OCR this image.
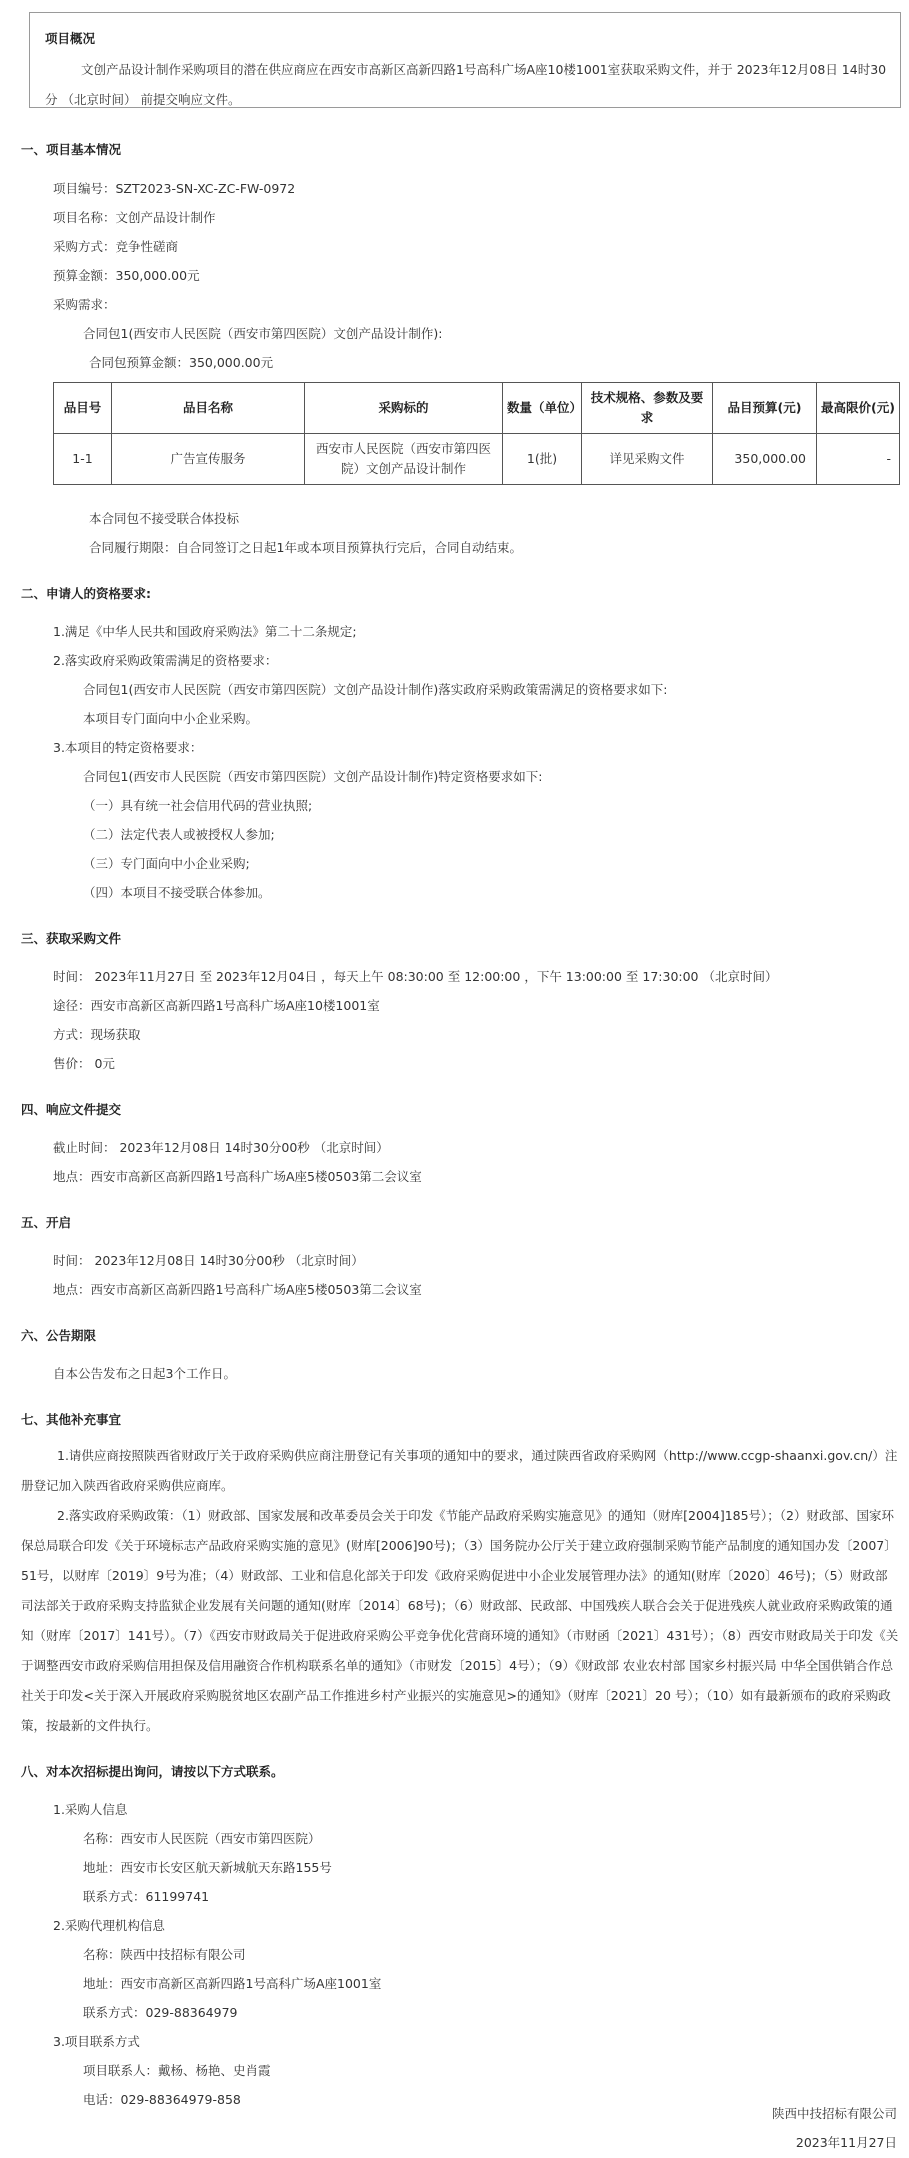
项目概况

文创产品设计制作采购项目的潜在供应商应在西安市高新区高新四路1号高科广场A座10楼1001室获取采购文件，并于 2023年12月08日 14时30分 （北京时间） 前提交响应文件。

一、项目基本情况
项目编号：SZT2023-SN-XC-ZC-FW-0972
项目名称：文创产品设计制作
采购方式：竞争性磋商
预算金额：350,000.00元
采购需求：
合同包1(西安市人民医院（西安市第四医院）文创产品设计制作):
合同包预算金额：350,000.00元
品目号	品目名称	采购标的	数量（单位）	技术规格、参数及要求	品目预算(元)	最高限价(元)
1-1	广告宣传服务	西安市人民医院（西安市第四医院）文创产品设计制作	1(批)	详见采购文件	350,000.00	-
本合同包不接受联合体投标
合同履行期限：自合同签订之日起1年或本项目预算执行完后，合同自动结束。
二、申请人的资格要求:
1.满足《中华人民共和国政府采购法》第二十二条规定;
2.落实政府采购政策需满足的资格要求：
合同包1(西安市人民医院（西安市第四医院）文创产品设计制作)落实政府采购政策需满足的资格要求如下:
本项目专门面向中小企业采购。
3.本项目的特定资格要求：
合同包1(西安市人民医院（西安市第四医院）文创产品设计制作)特定资格要求如下:
（一）具有统一社会信用代码的营业执照;
（二）法定代表人或被授权人参加;
（三）专门面向中小企业采购;
（四）本项目不接受联合体参加。
三、获取采购文件
时间： 2023年11月27日 至 2023年12月04日 ，每天上午 08:30:00 至 12:00:00 ，下午 13:00:00 至 17:30:00 （北京时间）
途径：西安市高新区高新四路1号高科广场A座10楼1001室
方式：现场获取
售价： 0元
四、响应文件提交
截止时间： 2023年12月08日 14时30分00秒 （北京时间）
地点：西安市高新区高新四路1号高科广场A座5楼0503第二会议室
五、开启
时间： 2023年12月08日 14时30分00秒 （北京时间）
地点：西安市高新区高新四路1号高科广场A座5楼0503第二会议室
六、公告期限
自本公告发布之日起3个工作日。
七、其他补充事宜

1.请供应商按照陕西省财政厅关于政府采购供应商注册登记有关事项的通知中的要求，通过陕西省政府采购网（http://www.ccgp-shaanxi.gov.cn/）注册登记加入陕西省政府采购供应商库。

2.落实政府采购政策：（1）财政部、国家发展和改革委员会关于印发《节能产品政府采购实施意见》的通知（财库[2004]185号）；（2）财政部、国家环保总局联合印发《关于环境标志产品政府采购实施的意见》(财库[2006]90号)；（3）国务院办公厅关于建立政府强制采购节能产品制度的通知国办发〔2007〕51号，以财库〔2019〕9号为准；（4）财政部、工业和信息化部关于印发《政府采购促进中小企业发展管理办法》的通知(财库〔2020〕46号)；（5）财政部 司法部关于政府采购支持监狱企业发展有关问题的通知(财库〔2014〕68号)；（6）财政部、民政部、中国残疾人联合会关于促进残疾人就业政府采购政策的通知（财库〔2017〕141号）。（7）《西安市财政局关于促进政府采购公平竞争优化营商环境的通知》（市财函〔2021〕431号）；（8）西安市财政局关于印发《关于调整西安市政府采购信用担保及信用融资合作机构联系名单的通知》（市财发〔2015〕4号）；（9）《财政部 农业农村部 国家乡村振兴局 中华全国供销合作总社关于印发<关于深入开展政府采购脱贫地区农副产品工作推进乡村产业振兴的实施意见>的通知》（财库〔2021〕20 号）；（10）如有最新颁布的政府采购政策，按最新的文件执行。

八、对本次招标提出询问，请按以下方式联系。
1.采购人信息
名称：西安市人民医院（西安市第四医院）
地址：西安市长安区航天新城航天东路155号
联系方式：61199741
2.采购代理机构信息
名称：陕西中技招标有限公司
地址：西安市高新区高新四路1号高科广场A座1001室
联系方式：029-88364979
3.项目联系方式
项目联系人：戴杨、杨艳、史肖霞
电话：029-88364979-858
陕西中技招标有限公司
2023年11月27日
